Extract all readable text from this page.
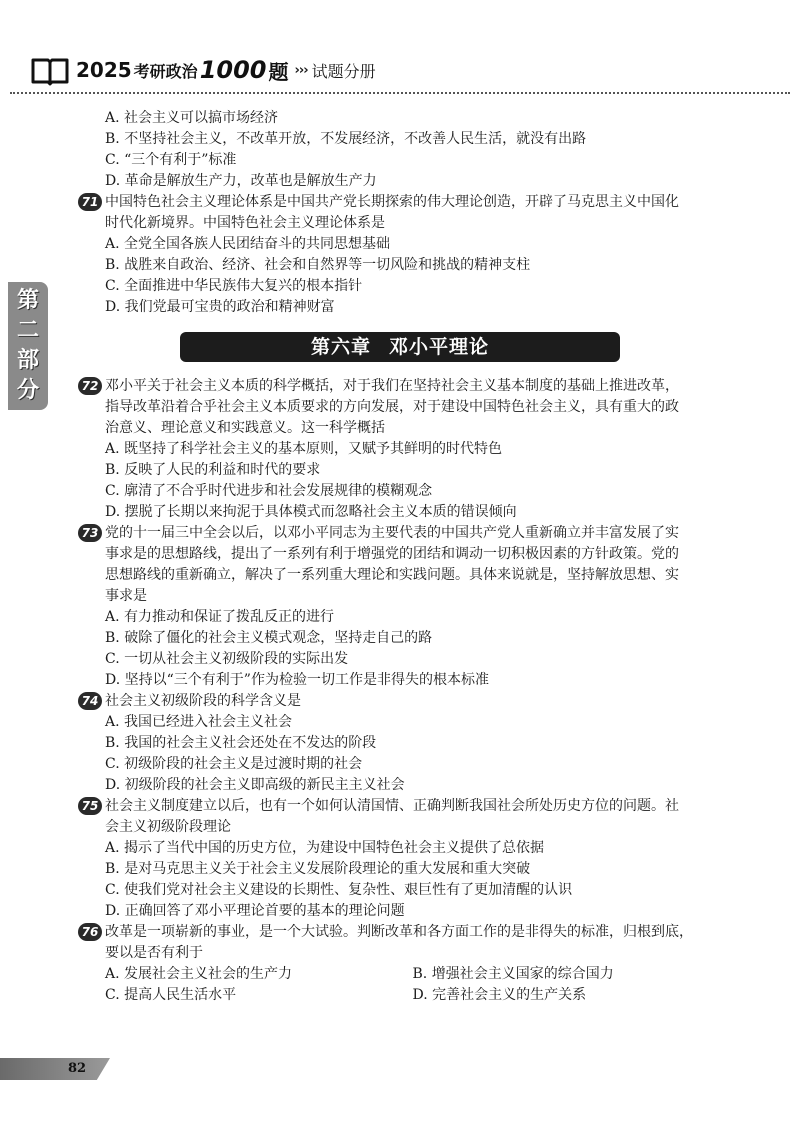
2025 考研政治 1000 题 ››› 试题分册
第
二
部
分
A. 社会主义可以搞市场经济
B. 不坚持社会主义，不改革开放，不发展经济，不改善人民生活，就没有出路
C. “三个有利于”标准
D. 革命是解放生产力，改革也是解放生产力
71 中国特色社会主义理论体系是中国共产党长期探索的伟大理论创造，开辟了马克思主义中国化
时代化新境界。中国特色社会主义理论体系是
A. 全党全国各族人民团结奋斗的共同思想基础
B. 战胜来自政治、经济、社会和自然界等一切风险和挑战的精神支柱
C. 全面推进中华民族伟大复兴的根本指针
D. 我们党最可宝贵的政治和精神财富
第六章 邓小平理论
72 邓小平关于社会主义本质的科学概括，对于我们在坚持社会主义基本制度的基础上推进改革，
指导改革沿着合乎社会主义本质要求的方向发展，对于建设中国特色社会主义，具有重大的政
治意义、理论意义和实践意义。这一科学概括
A. 既坚持了科学社会主义的基本原则，又赋予其鲜明的时代特色
B. 反映了人民的利益和时代的要求
C. 廓清了不合乎时代进步和社会发展规律的模糊观念
D. 摆脱了长期以来拘泥于具体模式而忽略社会主义本质的错误倾向
73 党的十一届三中全会以后，以邓小平同志为主要代表的中国共产党人重新确立并丰富发展了实
事求是的思想路线，提出了一系列有利于增强党的团结和调动一切积极因素的方针政策。党的
思想路线的重新确立，解决了一系列重大理论和实践问题。具体来说就是，坚持解放思想、实
事求是
A. 有力推动和保证了拨乱反正的进行
B. 破除了僵化的社会主义模式观念，坚持走自己的路
C. 一切从社会主义初级阶段的实际出发
D. 坚持以“三个有利于”作为检验一切工作是非得失的根本标准
74 社会主义初级阶段的科学含义是
A. 我国已经进入社会主义社会
B. 我国的社会主义社会还处在不发达的阶段
C. 初级阶段的社会主义是过渡时期的社会
D. 初级阶段的社会主义即高级的新民主主义社会
75 社会主义制度建立以后，也有一个如何认清国情、正确判断我国社会所处历史方位的问题。社
会主义初级阶段理论
A. 揭示了当代中国的历史方位，为建设中国特色社会主义提供了总依据
B. 是对马克思主义关于社会主义发展阶段理论的重大发展和重大突破
C. 使我们党对社会主义建设的长期性、复杂性、艰巨性有了更加清醒的认识
D. 正确回答了邓小平理论首要的基本的理论问题
76 改革是一项崭新的事业，是一个大试验。判断改革和各方面工作的是非得失的标准，归根到底，
要以是否有利于
A. 发展社会主义社会的生产力	B. 增强社会主义国家的综合国力
C. 提高人民生活水平	D. 完善社会主义的生产关系
82
